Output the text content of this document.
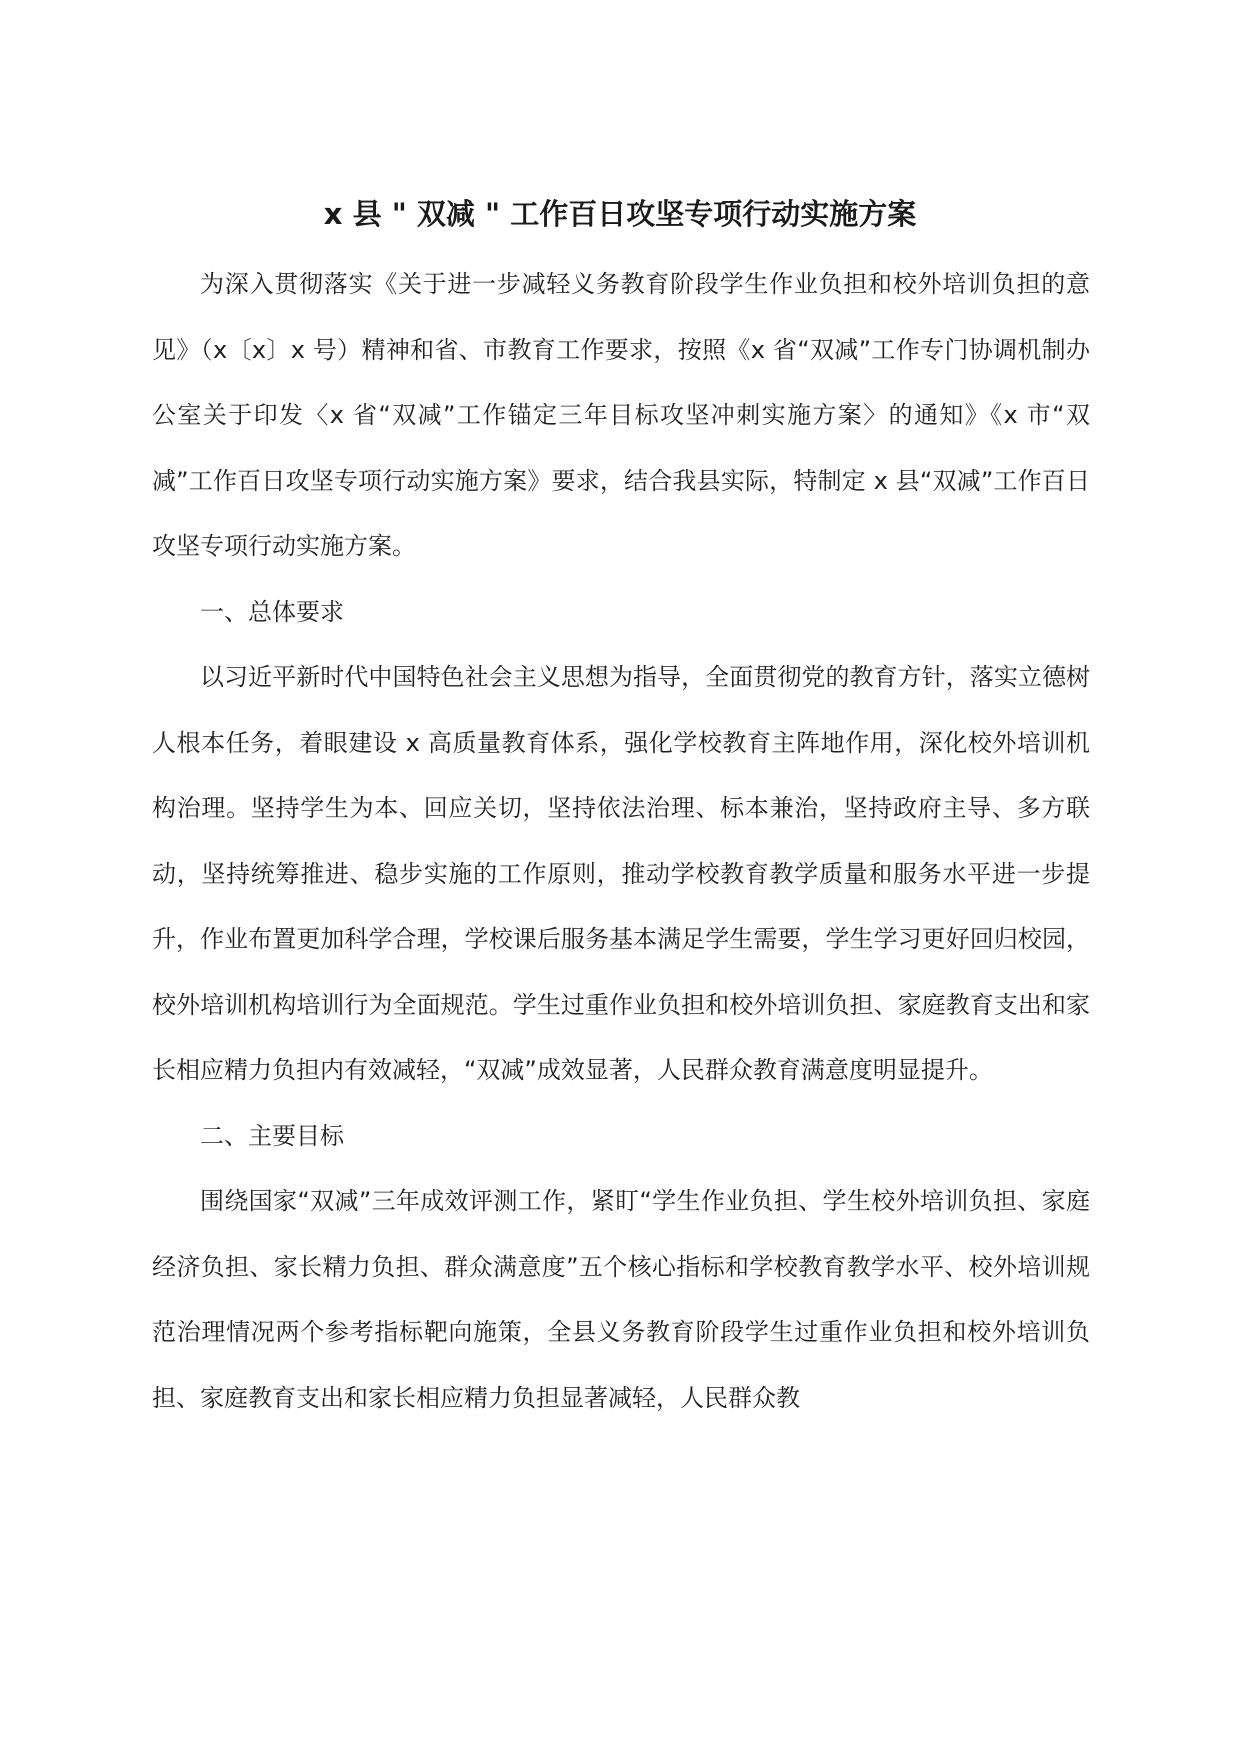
x 县 " 双减 " 工作百日攻坚专项行动实施方案

为深入贯彻落实《关于进一步减轻义务教育阶段学生作业负担和校外培训负担的意见》（x〔x〕x 号）精神和省、市教育工作要求，按照《x 省“双减”工作专门协调机制办公室关于印发〈x 省“双减”工作锚定三年目标攻坚冲刺实施方案〉的通知》《x 市“双减”工作百日攻坚专项行动实施方案》要求，结合我县实际，特制定 x 县“双减”工作百日攻坚专项行动实施方案。

一、总体要求

以习近平新时代中国特色社会主义思想为指导，全面贯彻党的教育方针，落实立德树人根本任务，着眼建设 x 高质量教育体系，强化学校教育主阵地作用，深化校外培训机构治理。坚持学生为本、回应关切，坚持依法治理、标本兼治，坚持政府主导、多方联动，坚持统筹推进、稳步实施的工作原则，推动学校教育教学质量和服务水平进一步提升，作业布置更加科学合理，学校课后服务基本满足学生需要，学生学习更好回归校园，校外培训机构培训行为全面规范。学生过重作业负担和校外培训负担、家庭教育支出和家长相应精力负担内有效减轻，“双减”成效显著，人民群众教育满意度明显提升。

二、主要目标

围绕国家“双减”三年成效评测工作，紧盯“学生作业负担、学生校外培训负担、家庭经济负担、家长精力负担、群众满意度”五个核心指标和学校教育教学水平、校外培训规范治理情况两个参考指标靶向施策，全县义务教育阶段学生过重作业负担和校外培训负担、家庭教育支出和家长相应精力负担显著减轻，人民群众教
